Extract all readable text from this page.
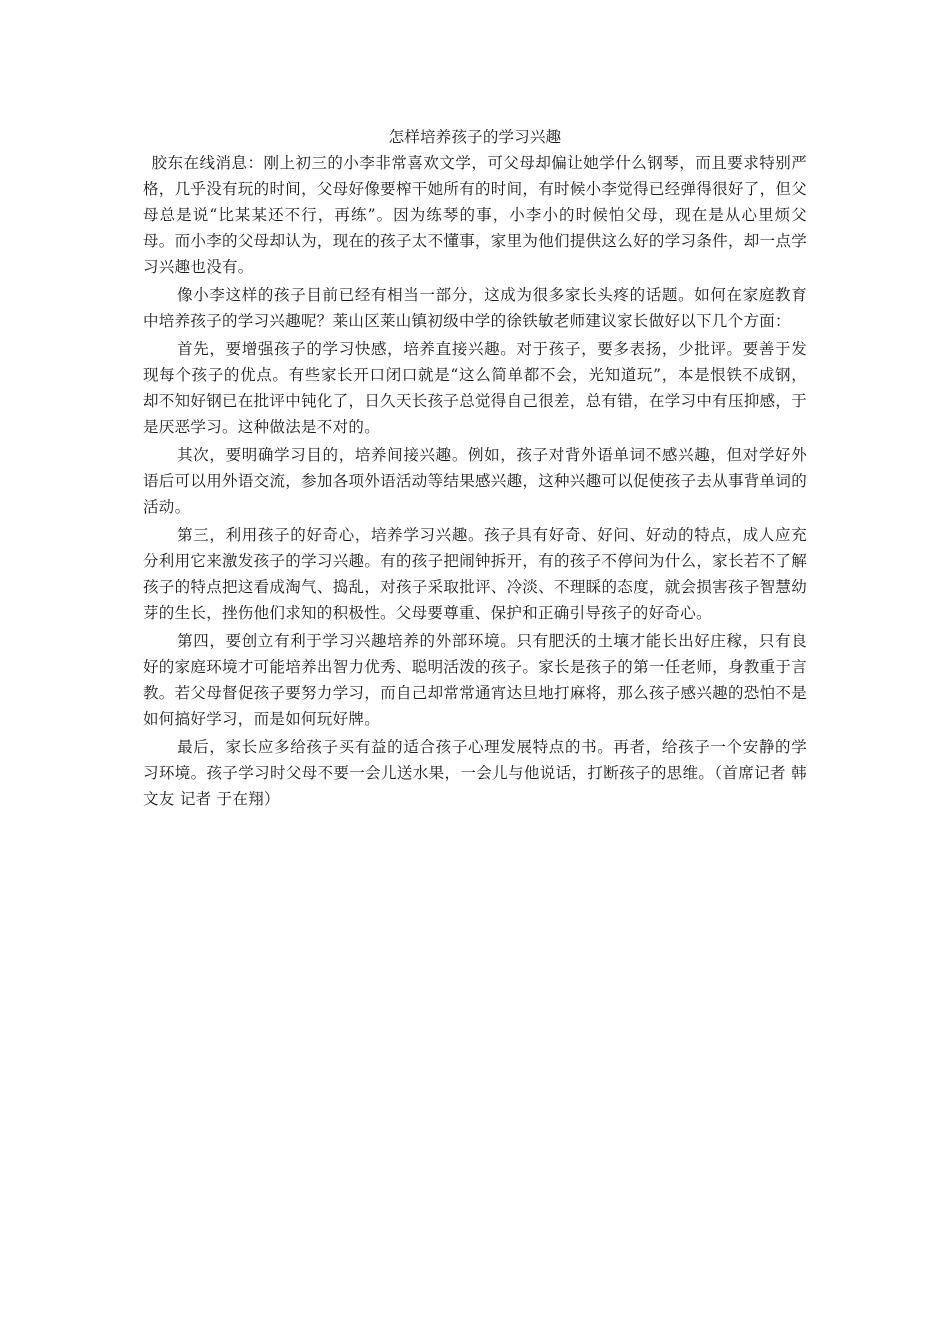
怎样培养孩子的学习兴趣

胶东在线消息：刚上初三的小李非常喜欢文学，可父母却偏让她学什么钢琴，而且要求特别严格，几乎没有玩的时间，父母好像要榨干她所有的时间，有时候小李觉得已经弹得很好了，但父母总是说“比某某还不行，再练”。因为练琴的事，小李小的时候怕父母，现在是从心里烦父母。而小李的父母却认为，现在的孩子太不懂事，家里为他们提供这么好的学习条件，却一点学习兴趣也没有。

像小李这样的孩子目前已经有相当一部分，这成为很多家长头疼的话题。如何在家庭教育中培养孩子的学习兴趣呢？莱山区莱山镇初级中学的徐铁敏老师建议家长做好以下几个方面：

首先，要增强孩子的学习快感，培养直接兴趣。对于孩子，要多表扬，少批评。要善于发现每个孩子的优点。有些家长开口闭口就是“这么简单都不会，光知道玩”，本是恨铁不成钢，却不知好钢已在批评中钝化了，日久天长孩子总觉得自己很差，总有错，在学习中有压抑感，于是厌恶学习。这种做法是不对的。

其次，要明确学习目的，培养间接兴趣。例如，孩子对背外语单词不感兴趣，但对学好外语后可以用外语交流，参加各项外语活动等结果感兴趣，这种兴趣可以促使孩子去从事背单词的活动。

第三，利用孩子的好奇心，培养学习兴趣。孩子具有好奇、好问、好动的特点，成人应充分利用它来激发孩子的学习兴趣。有的孩子把闹钟拆开，有的孩子不停问为什么，家长若不了解孩子的特点把这看成淘气、捣乱，对孩子采取批评、冷淡、不理睬的态度，就会损害孩子智慧幼芽的生长，挫伤他们求知的积极性。父母要尊重、保护和正确引导孩子的好奇心。

第四，要创立有利于学习兴趣培养的外部环境。只有肥沃的土壤才能长出好庄稼，只有良好的家庭环境才可能培养出智力优秀、聪明活泼的孩子。家长是孩子的第一任老师，身教重于言教。若父母督促孩子要努力学习，而自己却常常通宵达旦地打麻将，那么孩子感兴趣的恐怕不是如何搞好学习，而是如何玩好牌。

最后，家长应多给孩子买有益的适合孩子心理发展特点的书。再者，给孩子一个安静的学习环境。孩子学习时父母不要一会儿送水果，一会儿与他说话，打断孩子的思维。（首席记者 韩文友 记者 于在翔）
